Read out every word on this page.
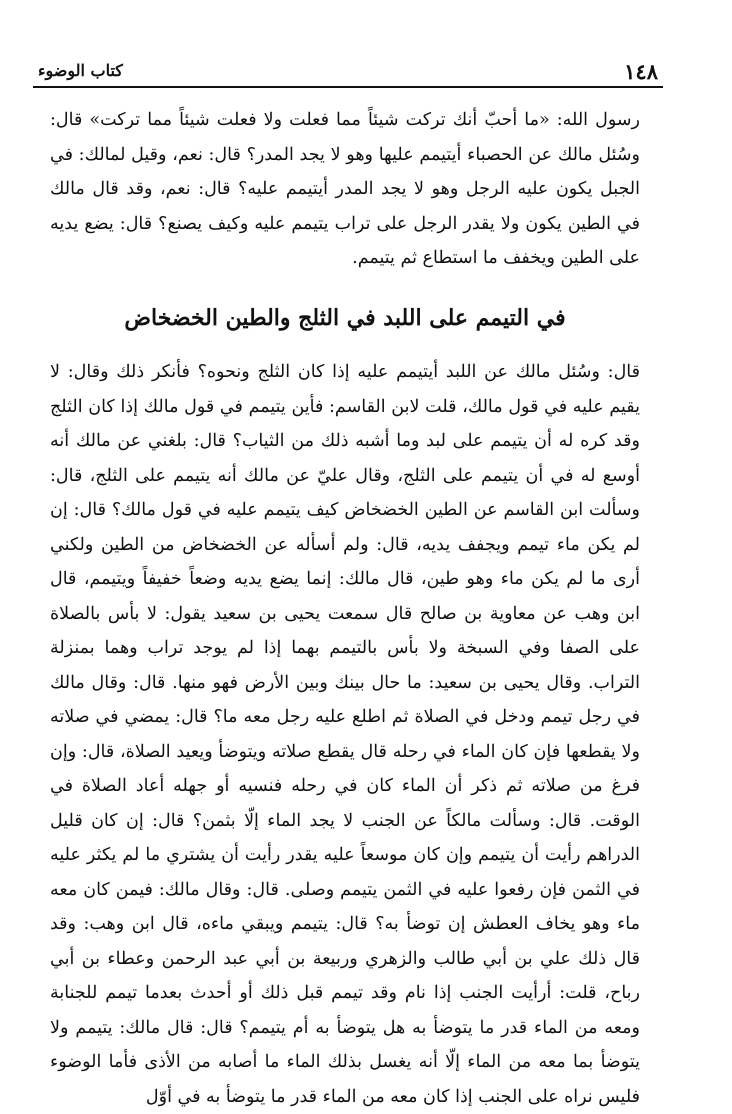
١٤٨
كتاب الوضوء

رسول الله: «ما أحبّ أنك تركت شيئاً مما فعلت ولا فعلت شيئاً مما تركت» قال: وسُئل مالك عن الحصباء أيتيمم عليها وهو لا يجد المدر؟ قال: نعم، وقيل لمالك: في الجبل يكون عليه الرجل وهو لا يجد المدر أيتيمم عليه؟ قال: نعم، وقد قال مالك في الطين يكون ولا يقدر الرجل على تراب يتيمم عليه وكيف يصنع؟ قال: يضع يديه على الطين ويخفف ما استطاع ثم يتيمم.

في التيمم على اللبد في الثلج والطين الخضخاض

قال: وسُئل مالك عن اللبد أيتيمم عليه إذا كان الثلج ونحوه؟ فأنكر ذلك وقال: لا يقيم عليه في قول مالك، قلت لابن القاسم: فأين يتيمم في قول مالك إذا كان الثلج وقد كره له أن يتيمم على لبد وما أشبه ذلك من الثياب؟ قال: بلغني عن مالك أنه أوسع له في أن يتيمم على الثلج، وقال عليّ عن مالك أنه يتيمم على الثلج، قال: وسألت ابن القاسم عن الطين الخضخاض كيف يتيمم عليه في قول مالك؟ قال: إن لم يكن ماء تيمم ويجفف يديه، قال: ولم أسأله عن الخضخاض من الطين ولكني أرى ما لم يكن ماء وهو طين، قال مالك: إنما يضع يديه وضعاً خفيفاً ويتيمم، قال ابن وهب عن معاوية بن صالح قال سمعت يحيى بن سعيد يقول: لا بأس بالصلاة على الصفا وفي السبخة ولا بأس بالتيمم بهما إذا لم يوجد تراب وهما بمنزلة التراب. وقال يحيى بن سعيد: ما حال بينك وبين الأرض فهو منها. قال: وقال مالك في رجل تيمم ودخل في الصلاة ثم اطلع عليه رجل معه ما؟ قال: يمضي في صلاته ولا يقطعها فإن كان الماء في رحله قال يقطع صلاته ويتوضأ ويعيد الصلاة، قال: وإن فرغ من صلاته ثم ذكر أن الماء كان في رحله فنسيه أو جهله أعاد الصلاة في الوقت. قال: وسألت مالكاً عن الجنب لا يجد الماء إلّا بثمن؟ قال: إن كان قليل الدراهم رأيت أن يتيمم وإن كان موسعاً عليه يقدر رأيت أن يشتري ما لم يكثر عليه في الثمن فإن رفعوا عليه في الثمن يتيمم وصلى. قال: وقال مالك: فيمن كان معه ماء وهو يخاف العطش إن توضأ به؟ قال: يتيمم ويبقي ماءه، قال ابن وهب: وقد قال ذلك علي بن أبي طالب والزهري وربيعة بن أبي عبد الرحمن وعطاء بن أبي رباح، قلت: أرأيت الجنب إذا نام وقد تيمم قبل ذلك أو أحدث بعدما تيمم للجنابة ومعه من الماء قدر ما يتوضأ به هل يتوضأ به أم يتيمم؟ قال: قال مالك: يتيمم ولا يتوضأ بما معه من الماء إلّا أنه يغسل بذلك الماء ما أصابه من الأذى فأما الوضوء فليس نراه على الجنب إذا كان معه من الماء قدر ما يتوضأ به في أوّل
